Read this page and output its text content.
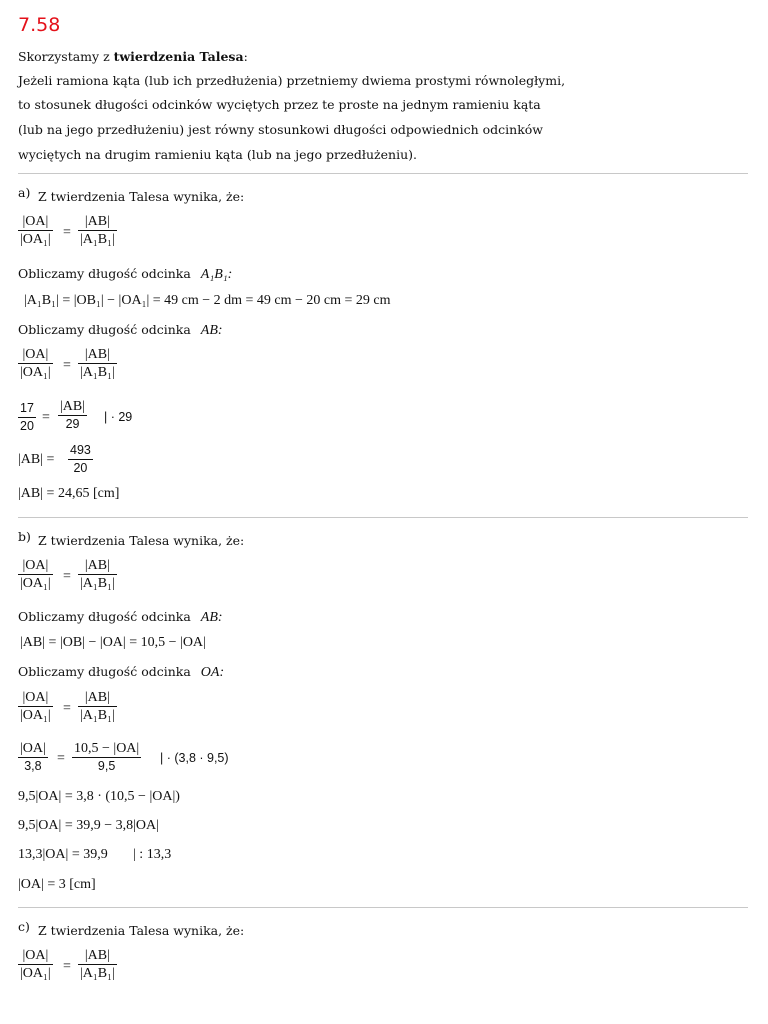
7.58
Skorzystamy z twierdzenia Talesa:
Jeżeli ramiona kąta (lub ich przedłużenia) przetniemy dwiema prostymi równoległymi,
to stosunek długości odcinków wyciętych przez te proste na jednym ramieniu kąta
(lub na jego przedłużeniu) jest równy stosunkowi długości odpowiednich odcinków
wyciętych na drugim ramieniu kąta (lub na jego przedłużeniu).
a) Z twierdzenia Talesa wynika, że:
|OA|
|OA₁| =
|AB|
|A₁B₁|
Obliczamy długość odcinka A₁B₁:
|A₁B₁| = |OB₁| − |OA₁| = 49 cm − 2 dm = 49 cm − 20 cm = 29 cm
Obliczamy długość odcinka AB:
|OA|
|OA₁| =
|AB|
|A₁B₁|
17
20
=
|AB|
29 | · 29
|AB| =
493
20
|AB| = 24,65 [cm]
b) Z twierdzenia Talesa wynika, że:
|OA|
|OA₁| =
|AB|
|A₁B₁|
Obliczamy długość odcinka AB:
|AB| = |OB| − |OA| = 10,5 − |OA|
Obliczamy długość odcinka OA:
|OA|
|OA₁| =
|AB|
|A₁B₁|
|OA|
3,8 =
10,5 − |OA|
9,5
| · (3,8 · 9,5)
9,5|OA| = 3,8 · (10,5 − |OA|)
9,5|OA| = 39,9 − 3,8|OA|
13,3|OA| = 39,9 | : 13,3
|OA| = 3 [cm]
c) Z twierdzenia Talesa wynika, że:
|OA|
|OA₁| =
|AB|
|A₁B₁|
